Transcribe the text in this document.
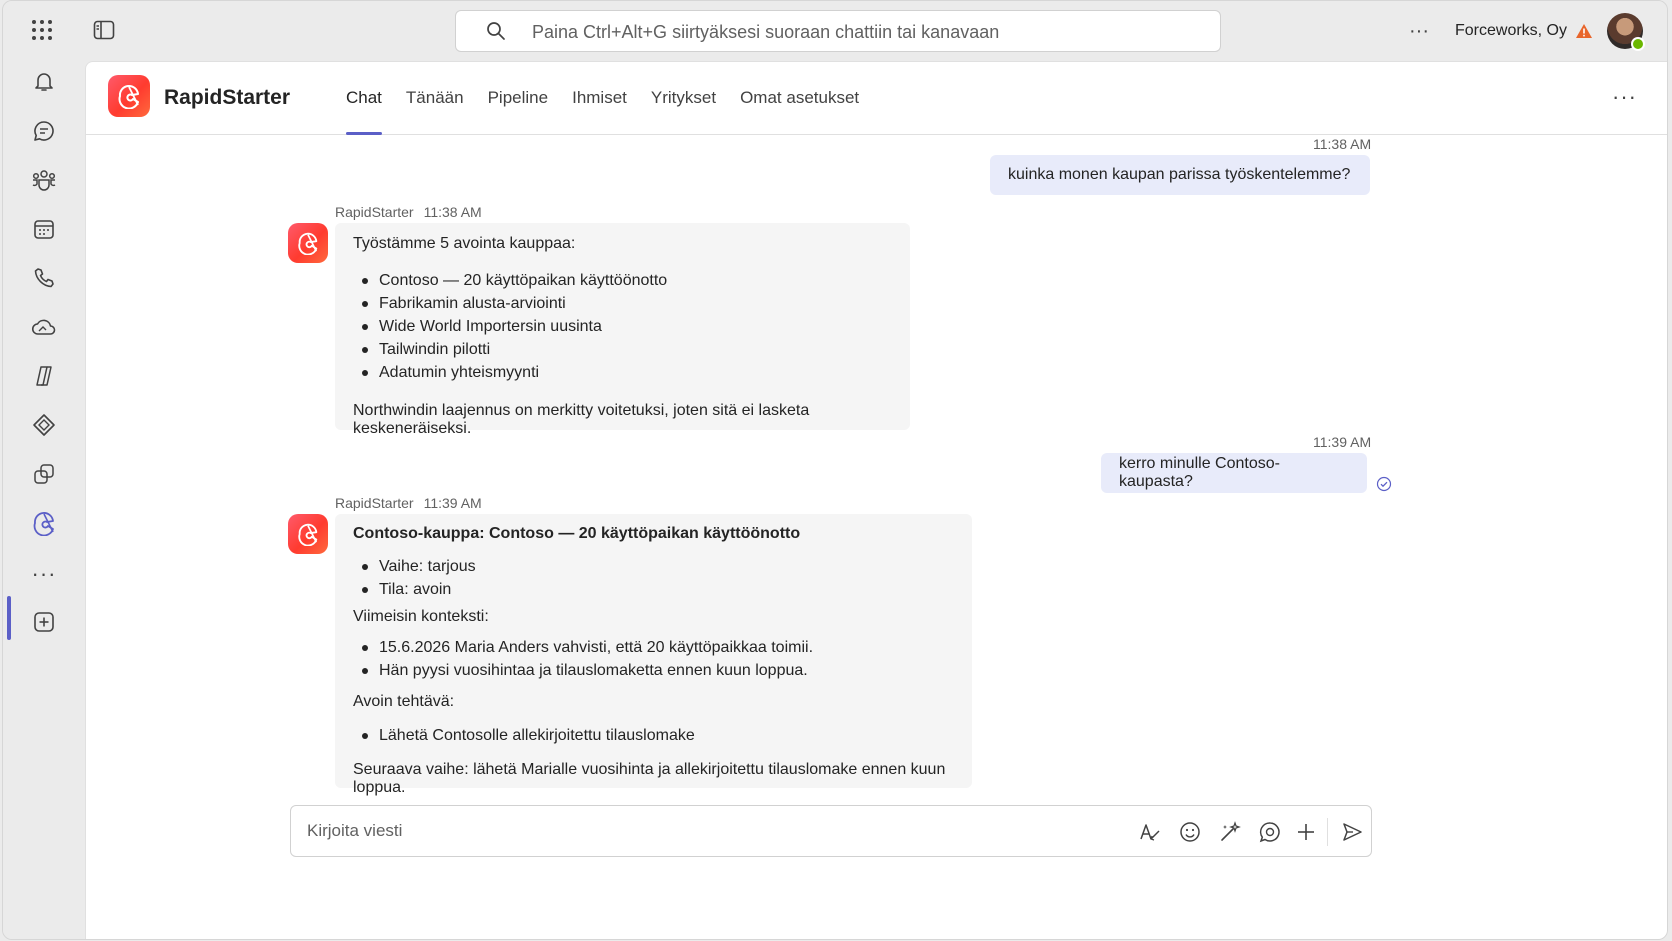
Paina Ctrl+Alt+G siirtyäksesi suoraan chattiin tai kanavaan	··· Forceworks, Oy
···
RapidStarter	Chat	Tänään	Pipeline	Ihmiset	Yritykset	Omat asetukset	···
11:38 AM
kuinka monen kaupan parissa työskentelemme?
RapidStarter 11:38 AM

Työstämme 5 avointa kauppaa:

Contoso — 20 käyttöpaikan käyttöönotto
Fabrikamin alusta-arviointi
Wide World Importersin uusinta
Tailwindin pilotti
Adatumin yhteismyynti

Northwindin laajennus on merkitty voitetuksi, joten sitä ei lasketa keskeneräiseksi.

11:39 AM
kerro minulle Contoso-kaupasta?
RapidStarter 11:39 AM

Contoso-kauppa: Contoso — 20 käyttöpaikan käyttöönotto

Vaihe: tarjous
Tila: avoin

Viimeisin konteksti:

15.6.2026 Maria Anders vahvisti, että 20 käyttöpaikkaa toimii.
Hän pyysi vuosihintaa ja tilauslomaketta ennen kuun loppua.

Avoin tehtävä:

Lähetä Contosolle allekirjoitettu tilauslomake

Seuraava vaihe: lähetä Marialle vuosihinta ja allekirjoitettu tilauslomake ennen kuun loppua.

Kirjoita viesti
